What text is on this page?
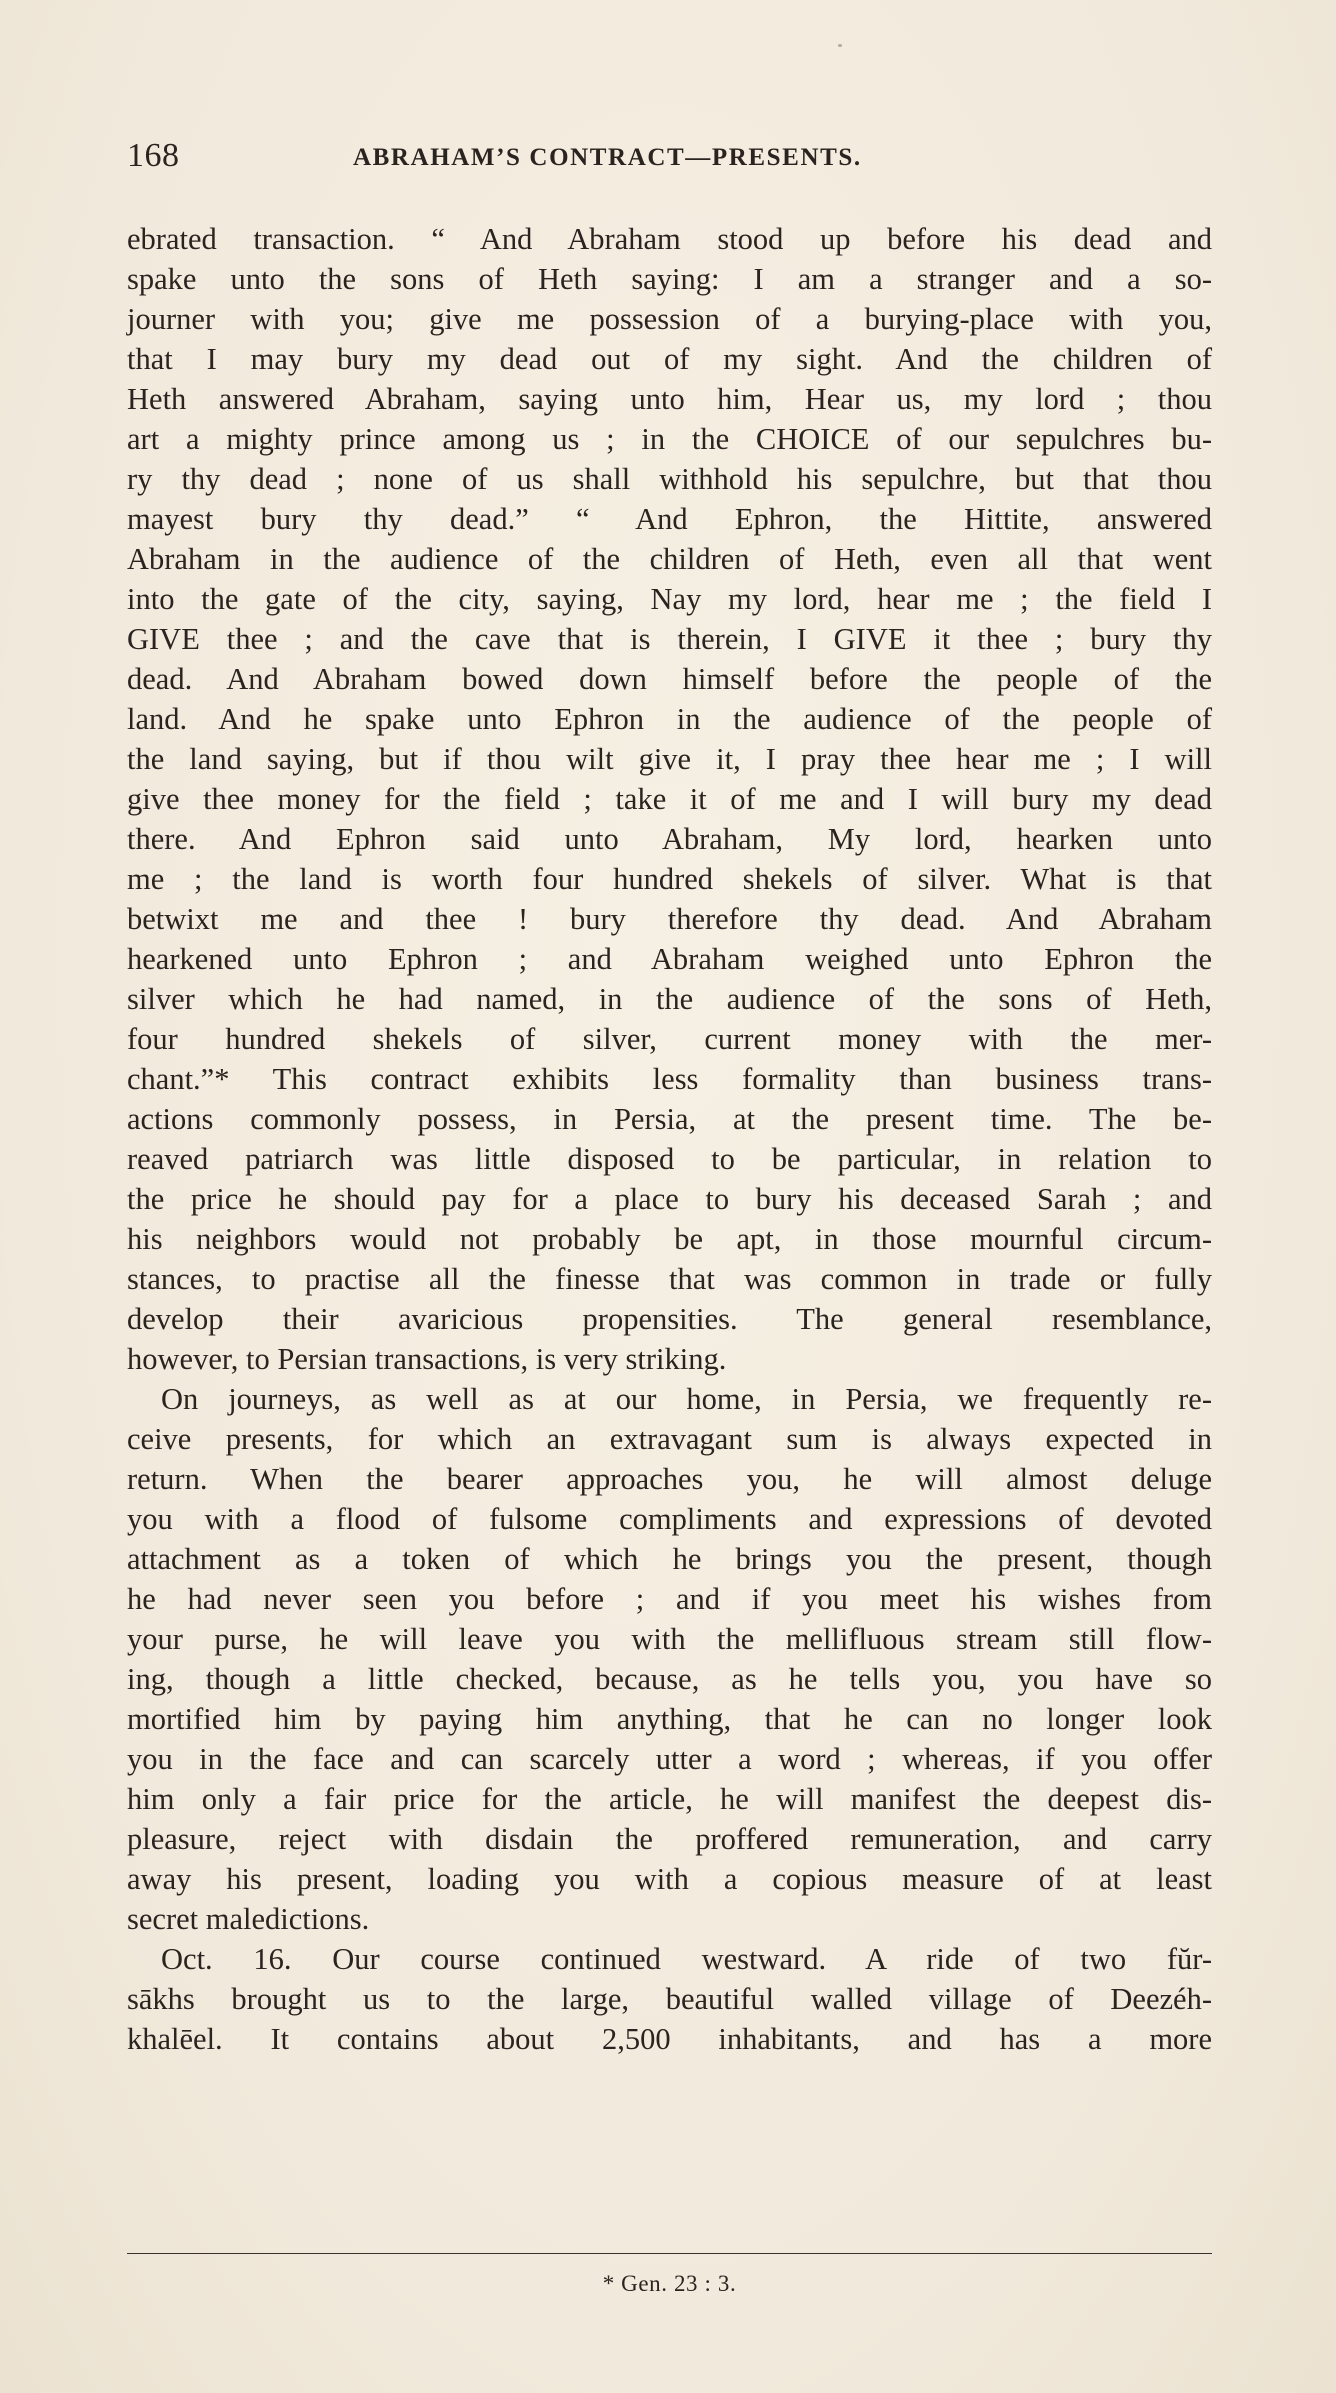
168	ABRAHAM’S CONTRACT—PRESENTS.
ebrated transaction. “ And Abraham stood up before his dead and
spake unto the sons of Heth saying: I am a stranger and a so-
journer with you; give me possession of a burying-place with you,
that I may bury my dead out of my sight. And the children of
Heth answered Abraham, saying unto him, Hear us, my lord ; thou
art a mighty prince among us ; in the CHOICE of our sepulchres bu-
ry thy dead ; none of us shall withhold his sepulchre, but that thou
mayest bury thy dead.” “ And Ephron, the Hittite, answered
Abraham in the audience of the children of Heth, even all that went
into the gate of the city, saying, Nay my lord, hear me ; the field I
GIVE thee ; and the cave that is therein, I GIVE it thee ; bury thy
dead. And Abraham bowed down himself before the people of the
land. And he spake unto Ephron in the audience of the people of
the land saying, but if thou wilt give it, I pray thee hear me ; I will
give thee money for the field ; take it of me and I will bury my dead
there. And Ephron said unto Abraham, My lord, hearken unto
me ; the land is worth four hundred shekels of silver. What is that
betwixt me and thee ! bury therefore thy dead. And Abraham
hearkened unto Ephron ; and Abraham weighed unto Ephron the
silver which he had named, in the audience of the sons of Heth,
four hundred shekels of silver, current money with the mer-
chant.”* This contract exhibits less formality than business trans-
actions commonly possess, in Persia, at the present time. The be-
reaved patriarch was little disposed to be particular, in relation to
the price he should pay for a place to bury his deceased Sarah ; and
his neighbors would not probably be apt, in those mournful circum-
stances, to practise all the finesse that was common in trade or fully
develop their avaricious propensities. The general resemblance,
however, to Persian transactions, is very striking.
On journeys, as well as at our home, in Persia, we frequently re-
ceive presents, for which an extravagant sum is always expected in
return. When the bearer approaches you, he will almost deluge
you with a flood of fulsome compliments and expressions of devoted
attachment as a token of which he brings you the present, though
he had never seen you before ; and if you meet his wishes from
your purse, he will leave you with the mellifluous stream still flow-
ing, though a little checked, because, as he tells you, you have so
mortified him by paying him anything, that he can no longer look
you in the face and can scarcely utter a word ; whereas, if you offer
him only a fair price for the article, he will manifest the deepest dis-
pleasure, reject with disdain the proffered remuneration, and carry
away his present, loading you with a copious measure of at least
secret maledictions.
Oct. 16. Our course continued westward. A ride of two fŭr-
sākhs brought us to the large, beautiful walled village of Deezéh-
khalēel. It contains about 2,500 inhabitants, and has a more
* Gen. 23 : 3.
